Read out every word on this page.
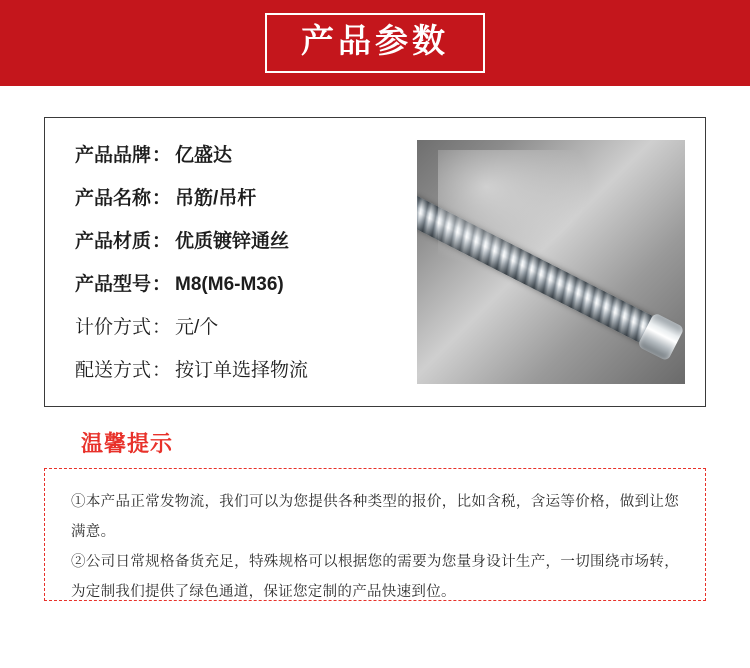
产品参数
产品品牌 ： 亿盛达
产品名称 ： 吊筋/吊杆
产品材质 ： 优质镀锌通丝
产品型号 ： M8(M6-M36)
计价方式 ： 元/个
配送方式 ： 按订单选择物流
温馨提示
①本产品正常发物流，我们可以为您提供各种类型的报价，比如含税，含运等价格，做到让您满意。
②公司日常规格备货充足，特殊规格可以根据您的需要为您量身设计生产，一切围绕市场转，为定制我们提供了绿色通道，保证您定制的产品快速到位。
